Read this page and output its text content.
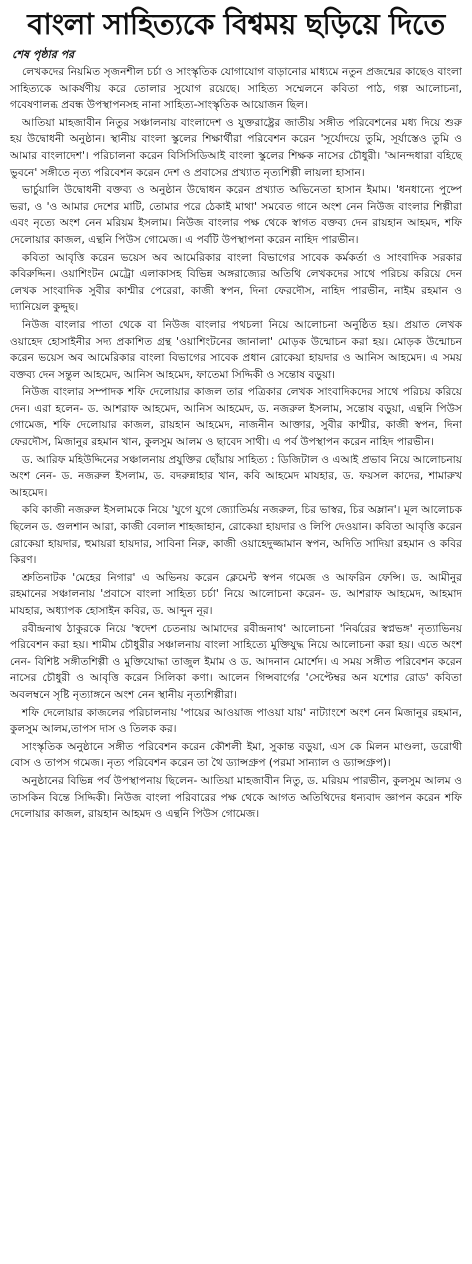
বাংলা সাহিত্যকে বিশ্বময় ছড়িয়ে দিতে
শেষ পৃষ্ঠার পর

লেখকদের নিয়মিত সৃজনশীল চর্চা ও সাংস্কৃতিক যোগাযোগ বাড়ানোর মাধ্যমে নতুন প্রজন্মের কাছেও বাংলা সাহিত্যকে আকর্ষণীয় করে তোলার সুযোগ রয়েছে। সাহিত্য সম্মেলনে কবিতা পাঠ, গল্প আলোচনা, গবেষণালব্ধ প্রবন্ধ উপস্থাপনসহ নানা সাহিত্য-সাংস্কৃতিক আয়োজন ছিল।

আতিয়া মাহজাবীন নিতুর সঞ্চালনায় বাংলাদেশ ও যুক্তরাষ্ট্রের জাতীয় সঙ্গীত পরিবেশনের মধ্য দিয়ে শুরু হয় উদ্বোধনী অনুষ্ঠান। স্থানীয় বাংলা স্কুলের শিক্ষার্থীরা পরিবেশন করেন 'সূর্যোদয়ে তুমি, সূর্যাস্তেও তুমি ও আমার বাংলাদেশ'। পরিচালনা করেন বিসিসিডিআই বাংলা স্কুলের শিক্ষক নাসের চৌধুরী। 'আনন্দধারা বহিছে ভুবনে' সঙ্গীতে নৃত্য পরিবেশন করেন দেশ ও প্রবাসের প্রখ্যাত নৃত্যশিল্পী লায়লা হাসান।

ভার্চুয়ালি উদ্বোধনী বক্তব্য ও অনুষ্ঠান উদ্বোধন করেন প্রখ্যাত অভিনেতা হাসান ইমাম। 'ধনধান্যে পুষ্পে ভরা, ও 'ও আমার দেশের মাটি, তোমার পরে ঠেকাই মাথা' সমবেত গানে অংশ নেন নিউজ বাংলার শিল্পীরা এবং নৃত্যে অংশ নেন মরিয়ম ইসলাম। নিউজ বাংলার পক্ষ থেকে স্বাগত বক্তব্য দেন রায়হান আহমদ, শফি দেলোয়ার কাজল, এন্থনি পিউস গোমেজ। এ পর্বটি উপস্থাপনা করেন নাহিদ পারভীন।

কবিতা আবৃত্তি করেন ভয়েস অব আমেরিকার বাংলা বিভাগের সাবেক কর্মকর্তা ও সাংবাদিক সরকার কবিরুদ্দিন। ওয়াশিংটন মেট্রো এলাকাসহ বিভিন্ন অঙ্গরাজ্যের অতিথি লেখকদের সাথে পরিচয় করিয়ে দেন লেখক সাংবাদিক সুবীর কাশ্মীর পেরেরা, কাজী স্বপন, দিনা ফেরদৌস, নাহিদ পারভীন, নাইম রহমান ও দ্যানিয়েল কুদ্দুছ।

নিউজ বাংলার পাতা থেকে বা নিউজ বাংলার পথচলা নিয়ে আলোচনা অনুষ্ঠিত হয়। প্রয়াত লেখক ওয়াহেদ হোসাইনীর সদ্য প্রকাশিত গ্রন্থ 'ওয়াশিংটনের জানালা' মোড়ক উন্মোচন করা হয়। মোড়ক উন্মোচন করেন ভয়েস অব আমেরিকার বাংলা বিভাগের সাবেক প্রধান রোকেয়া হায়দার ও আনিস আহমেদ। এ সময় বক্তব্য দেন সন্তুল আহমেদ, আনিস আহমেদ, ফাতেমা সিদ্দিকী ও সন্তোষ বড়ুয়া।

নিউজ বাংলার সম্পাদক শফি দেলোয়ার কাজল তার পত্রিকার লেখক সাংবাদিকদের সাথে পরিচয় করিয়ে দেন। এরা হলেন- ড. আশরাফ আহমেদ, আনিস আহমেদ, ড. নজরুল ইসলাম, সন্তোষ বড়ুয়া, এন্থনি পিউস গোমেজ, শফি দেলোয়ার কাজল, রায়হান আহমেদ, নাজনীন আক্তার, সুবীর কাশ্মীর, কাজী স্বপন, দিনা ফেরদৌস, মিজানুর রহমান খান, কুলসুম আলম ও ছাবেদ সাথী। এ পর্ব উপস্থাপন করেন নাহিদ পারভীন।

ড. আরিফ মহিউদ্দিনের সঞ্চালনায় প্রযুক্তির ছোঁয়ায় সাহিত্য : ডিজিটাল ও এআই প্রভাব নিয়ে আলোচনায় অংশ নেন- ড. নজরুল ইসলাম, ড. বদরুন্নাহার খান, কবি আহমেদ মাযহার, ড. ফয়সল কাদের, শামারুখ আহমেদ।

কবি কাজী নজরুল ইসলামকে নিয়ে 'যুগে যুগে জ্যোতির্ময় নজরুল, চির ভাস্বর, চির অম্লান'। মূল আলোচক ছিলেন ড. গুলশান আরা, কাজী বেলাল শাহজাহান, রোকেয়া হায়দার ও লিপি দেওয়ান। কবিতা আবৃত্তি করেন রোকেয়া হায়দার, হুমায়রা হায়দার, সাবিনা নিরু, কাজী ওয়াহেদুজ্জামান স্বপন, অদিতি সাদিয়া রহমান ও কবির কিরণ।

শ্রুতিনাটক 'মেহের নিগার' এ অভিনয় করেন ক্লেমেন্ট স্বপন গমেজ ও আফরিন ফেন্সি। ড. আমীনুর রহমানের সঞ্চালনায় 'প্রবাসে বাংলা সাহিত্য চর্চা' নিয়ে আলোচনা করেন- ড. আশরাফ আহমেদ, আহমাদ মাযহার, অধ্যাপক হোসাইন কবির, ড. আব্দুন নূর।

রবীন্দ্রনাথ ঠাকুরকে নিয়ে 'স্বদেশ চেতনায় আমাদের রবীন্দ্রনাথ' আলোচনা 'নির্ঝরের স্বপ্নভঙ্গ' নৃত্যাভিনয় পরিবেশন করা হয়। শামীম চৌধুরীর সঞ্চালনায় বাংলা সাহিত্যে মুক্তিযুদ্ধ নিয়ে আলোচনা করা হয়। এতে অংশ নেন- বিশিষ্ট সঙ্গীতশিল্পী ও মুক্তিযোদ্ধা তাজুল ইমাম ও ড. আদনান মোর্শেদ। এ সময় সঙ্গীত পরিবেশন করেন নাসের চৌধুরী ও আবৃত্তি করেন সিলিকা কণা। আলেন গিন্সবার্গের 'সেপ্টেম্বর অন যশোর রোড' কবিতা অবলম্বনে সৃষ্টি নৃত্যাঙ্গনে অংশ নেন স্থানীয় নৃত্যশিল্পীরা।

শফি দেলোয়ার কাজলের পরিচালনায় 'পায়ের আওয়াজ পাওয়া যায়' নাট্যাংশে অংশ নেন মিজানুর রহমান, কুলসুম আলম,তাপস দাস ও তিলক কর।

সাংস্কৃতিক অনুষ্ঠানে সঙ্গীত পরিবেশন করেন কৌশলী ইমা, সুকান্ত বড়ুয়া, এস কে মিলন মাণ্ডলা, ডরোথী বোস ও তাপস গমেজ। নৃত্য পরিবেশন করেন তা থৈ ড্যান্সগ্রুপ (পরমা সান্যাল ও ড্যান্সগ্রুপ)।

অনুষ্ঠানের বিভিন্ন পর্ব উপস্থাপনায় ছিলেন- আতিয়া মাহজাবীন নিতু, ড. মরিয়ম পারভীন, কুলসুম আলম ও তাসকিন বিন্তে সিদ্দিকী। নিউজ বাংলা পরিবারের পক্ষ থেকে আগত অতিথিদের ধন্যবাদ জ্ঞাপন করেন শফি দেলোয়ার কাজল, রায়হান আহমদ ও এন্থনি পিউস গোমেজ।
